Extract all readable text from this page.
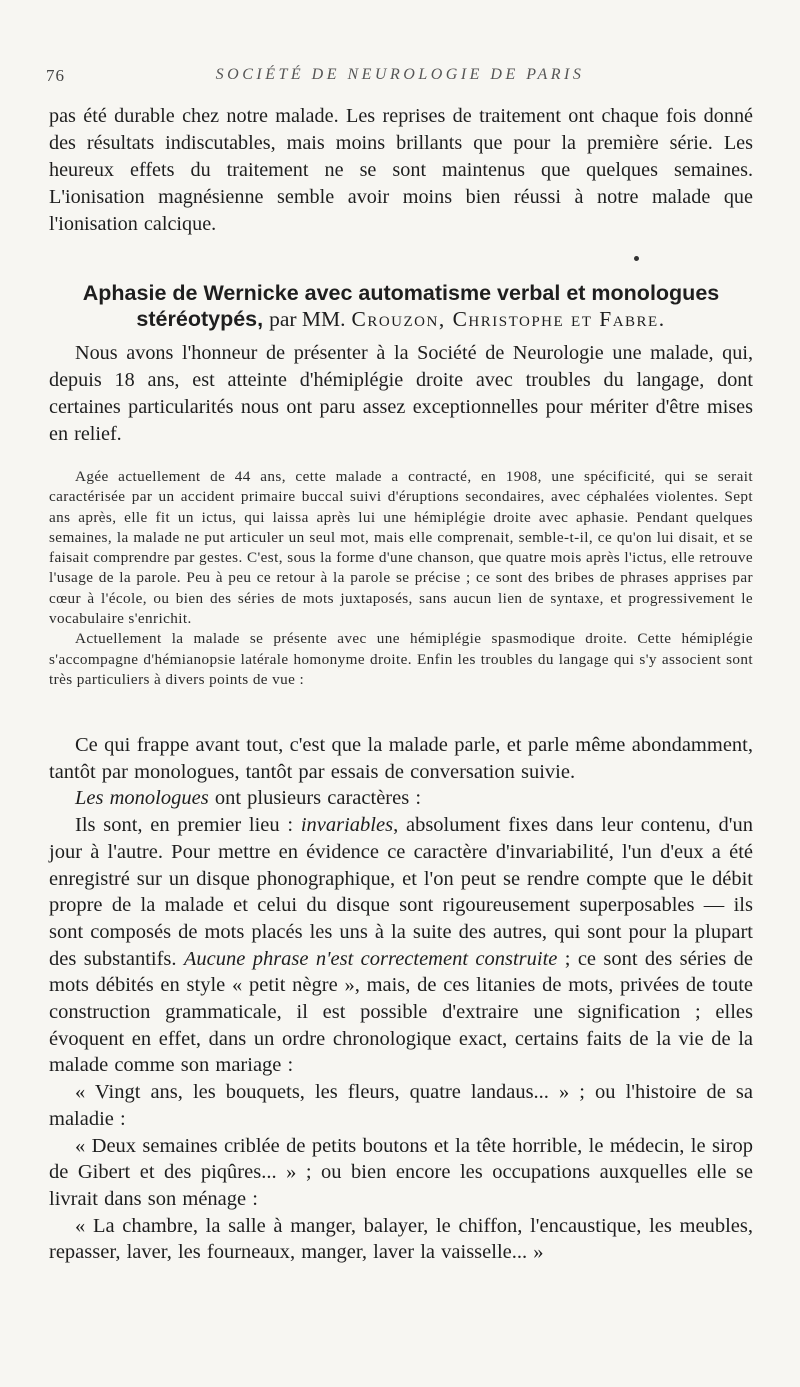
76	SOCIÉTÉ DE NEUROLOGIE DE PARIS

pas été durable chez notre malade. Les reprises de traitement ont chaque fois donné des résultats indiscutables, mais moins brillants que pour la première série. Les heureux effets du traitement ne se sont maintenus que quelques semaines. L'ionisation magnésienne semble avoir moins bien réussi à notre malade que l'ionisation calcique.

Aphasie de Wernicke avec automatisme verbal et monologues stéréotypés, par MM. Crouzon, Christophe et Fabre.

Nous avons l'honneur de présenter à la Société de Neurologie une malade, qui, depuis 18 ans, est atteinte d'hémiplégie droite avec troubles du langage, dont certaines particularités nous ont paru assez exceptionnelles pour mériter d'être mises en relief.

Agée actuellement de 44 ans, cette malade a contracté, en 1908, une spécificité, qui se serait caractérisée par un accident primaire buccal suivi d'éruptions secondaires, avec céphalées violentes. Sept ans après, elle fit un ictus, qui laissa après lui une hémiplégie droite avec aphasie. Pendant quelques semaines, la malade ne put articuler un seul mot, mais elle comprenait, semble-t-il, ce qu'on lui disait, et se faisait comprendre par gestes. C'est, sous la forme d'une chanson, que quatre mois après l'ictus, elle retrouve l'usage de la parole. Peu à peu ce retour à la parole se précise ; ce sont des bribes de phrases apprises par cœur à l'école, ou bien des séries de mots juxtaposés, sans aucun lien de syntaxe, et progressivement le vocabulaire s'enrichit.

Actuellement la malade se présente avec une hémiplégie spasmodique droite. Cette hémiplégie s'accompagne d'hémianopsie latérale homonyme droite. Enfin les troubles du langage qui s'y associent sont très particuliers à divers points de vue :

Ce qui frappe avant tout, c'est que la malade parle, et parle même abondamment, tantôt par monologues, tantôt par essais de conversation suivie.

Les monologues ont plusieurs caractères :

Ils sont, en premier lieu : invariables, absolument fixes dans leur contenu, d'un jour à l'autre. Pour mettre en évidence ce caractère d'invariabilité, l'un d'eux a été enregistré sur un disque phonographique, et l'on peut se rendre compte que le débit propre de la malade et celui du disque sont rigoureusement superposables — ils sont composés de mots placés les uns à la suite des autres, qui sont pour la plupart des substantifs. Aucune phrase n'est correctement construite ; ce sont des séries de mots débités en style « petit nègre », mais, de ces litanies de mots, privées de toute construction grammaticale, il est possible d'extraire une signification ; elles évoquent en effet, dans un ordre chronologique exact, certains faits de la vie de la malade comme son mariage :

« Vingt ans, les bouquets, les fleurs, quatre landaus... » ; ou l'histoire de sa maladie :

« Deux semaines criblée de petits boutons et la tête horrible, le médecin, le sirop de Gibert et des piqûres... » ; ou bien encore les occupations auxquelles elle se livrait dans son ménage :

« La chambre, la salle à manger, balayer, le chiffon, l'encaustique, les meubles, repasser, laver, les fourneaux, manger, laver la vaisselle... »
